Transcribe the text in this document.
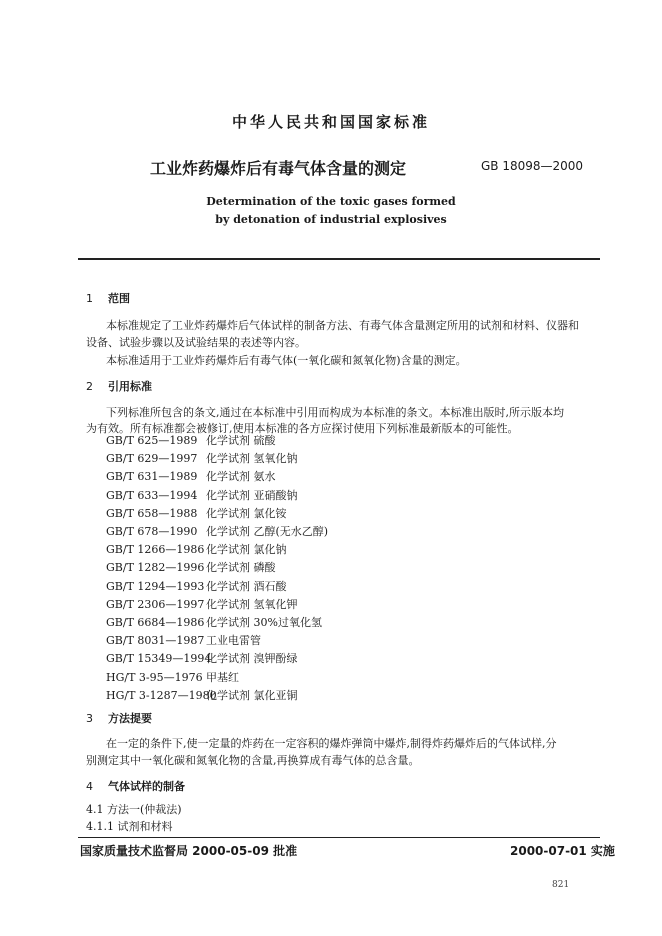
中华人民共和国国家标准
工业炸药爆炸后有毒气体含量的测定	GB 18098—2000
Determination of the toxic gases formed
by detonation of industrial explosives
1 范围
本标准规定了工业炸药爆炸后气体试样的制备方法、有毒气体含量测定所用的试剂和材料、仪器和
设备、试验步骤以及试验结果的表述等内容。
本标准适用于工业炸药爆炸后有毒气体(一氧化碳和氮氧化物)含量的测定。
2 引用标准
下列标准所包含的条文,通过在本标准中引用而构成为本标准的条文。本标准出版时,所示版本均
为有效。所有标准都会被修订,使用本标准的各方应探讨使用下列标准最新版本的可能性。
GB/T 625—1989 化学试剂 硫酸
GB/T 629—1997 化学试剂 氢氧化钠
GB/T 631—1989 化学试剂 氨水
GB/T 633—1994 化学试剂 亚硝酸钠
GB/T 658—1988 化学试剂 氯化铵
GB/T 678—1990 化学试剂 乙醇(无水乙醇)
GB/T 1266—1986 化学试剂 氯化钠
GB/T 1282—1996 化学试剂 磷酸
GB/T 1294—1993 化学试剂 酒石酸
GB/T 2306—1997 化学试剂 氢氧化钾
GB/T 6684—1986 化学试剂 30%过氧化氢
GB/T 8031—1987 工业电雷管
GB/T 15349—1994化学试剂 溴钾酚绿
HG/T 3-95—1976 甲基红
HG/T 3-1287—1980化学试剂 氯化亚铜
3 方法提要
在一定的条件下,使一定量的炸药在一定容积的爆炸弹筒中爆炸,制得炸药爆炸后的气体试样,分
别测定其中一氧化碳和氮氧化物的含量,再换算成有毒气体的总含量。
4 气体试样的制备
4.1 方法一(仲裁法)
4.1.1 试剂和材料
国家质量技术监督局 2000-05-09 批准	2000-07-01 实施
821
